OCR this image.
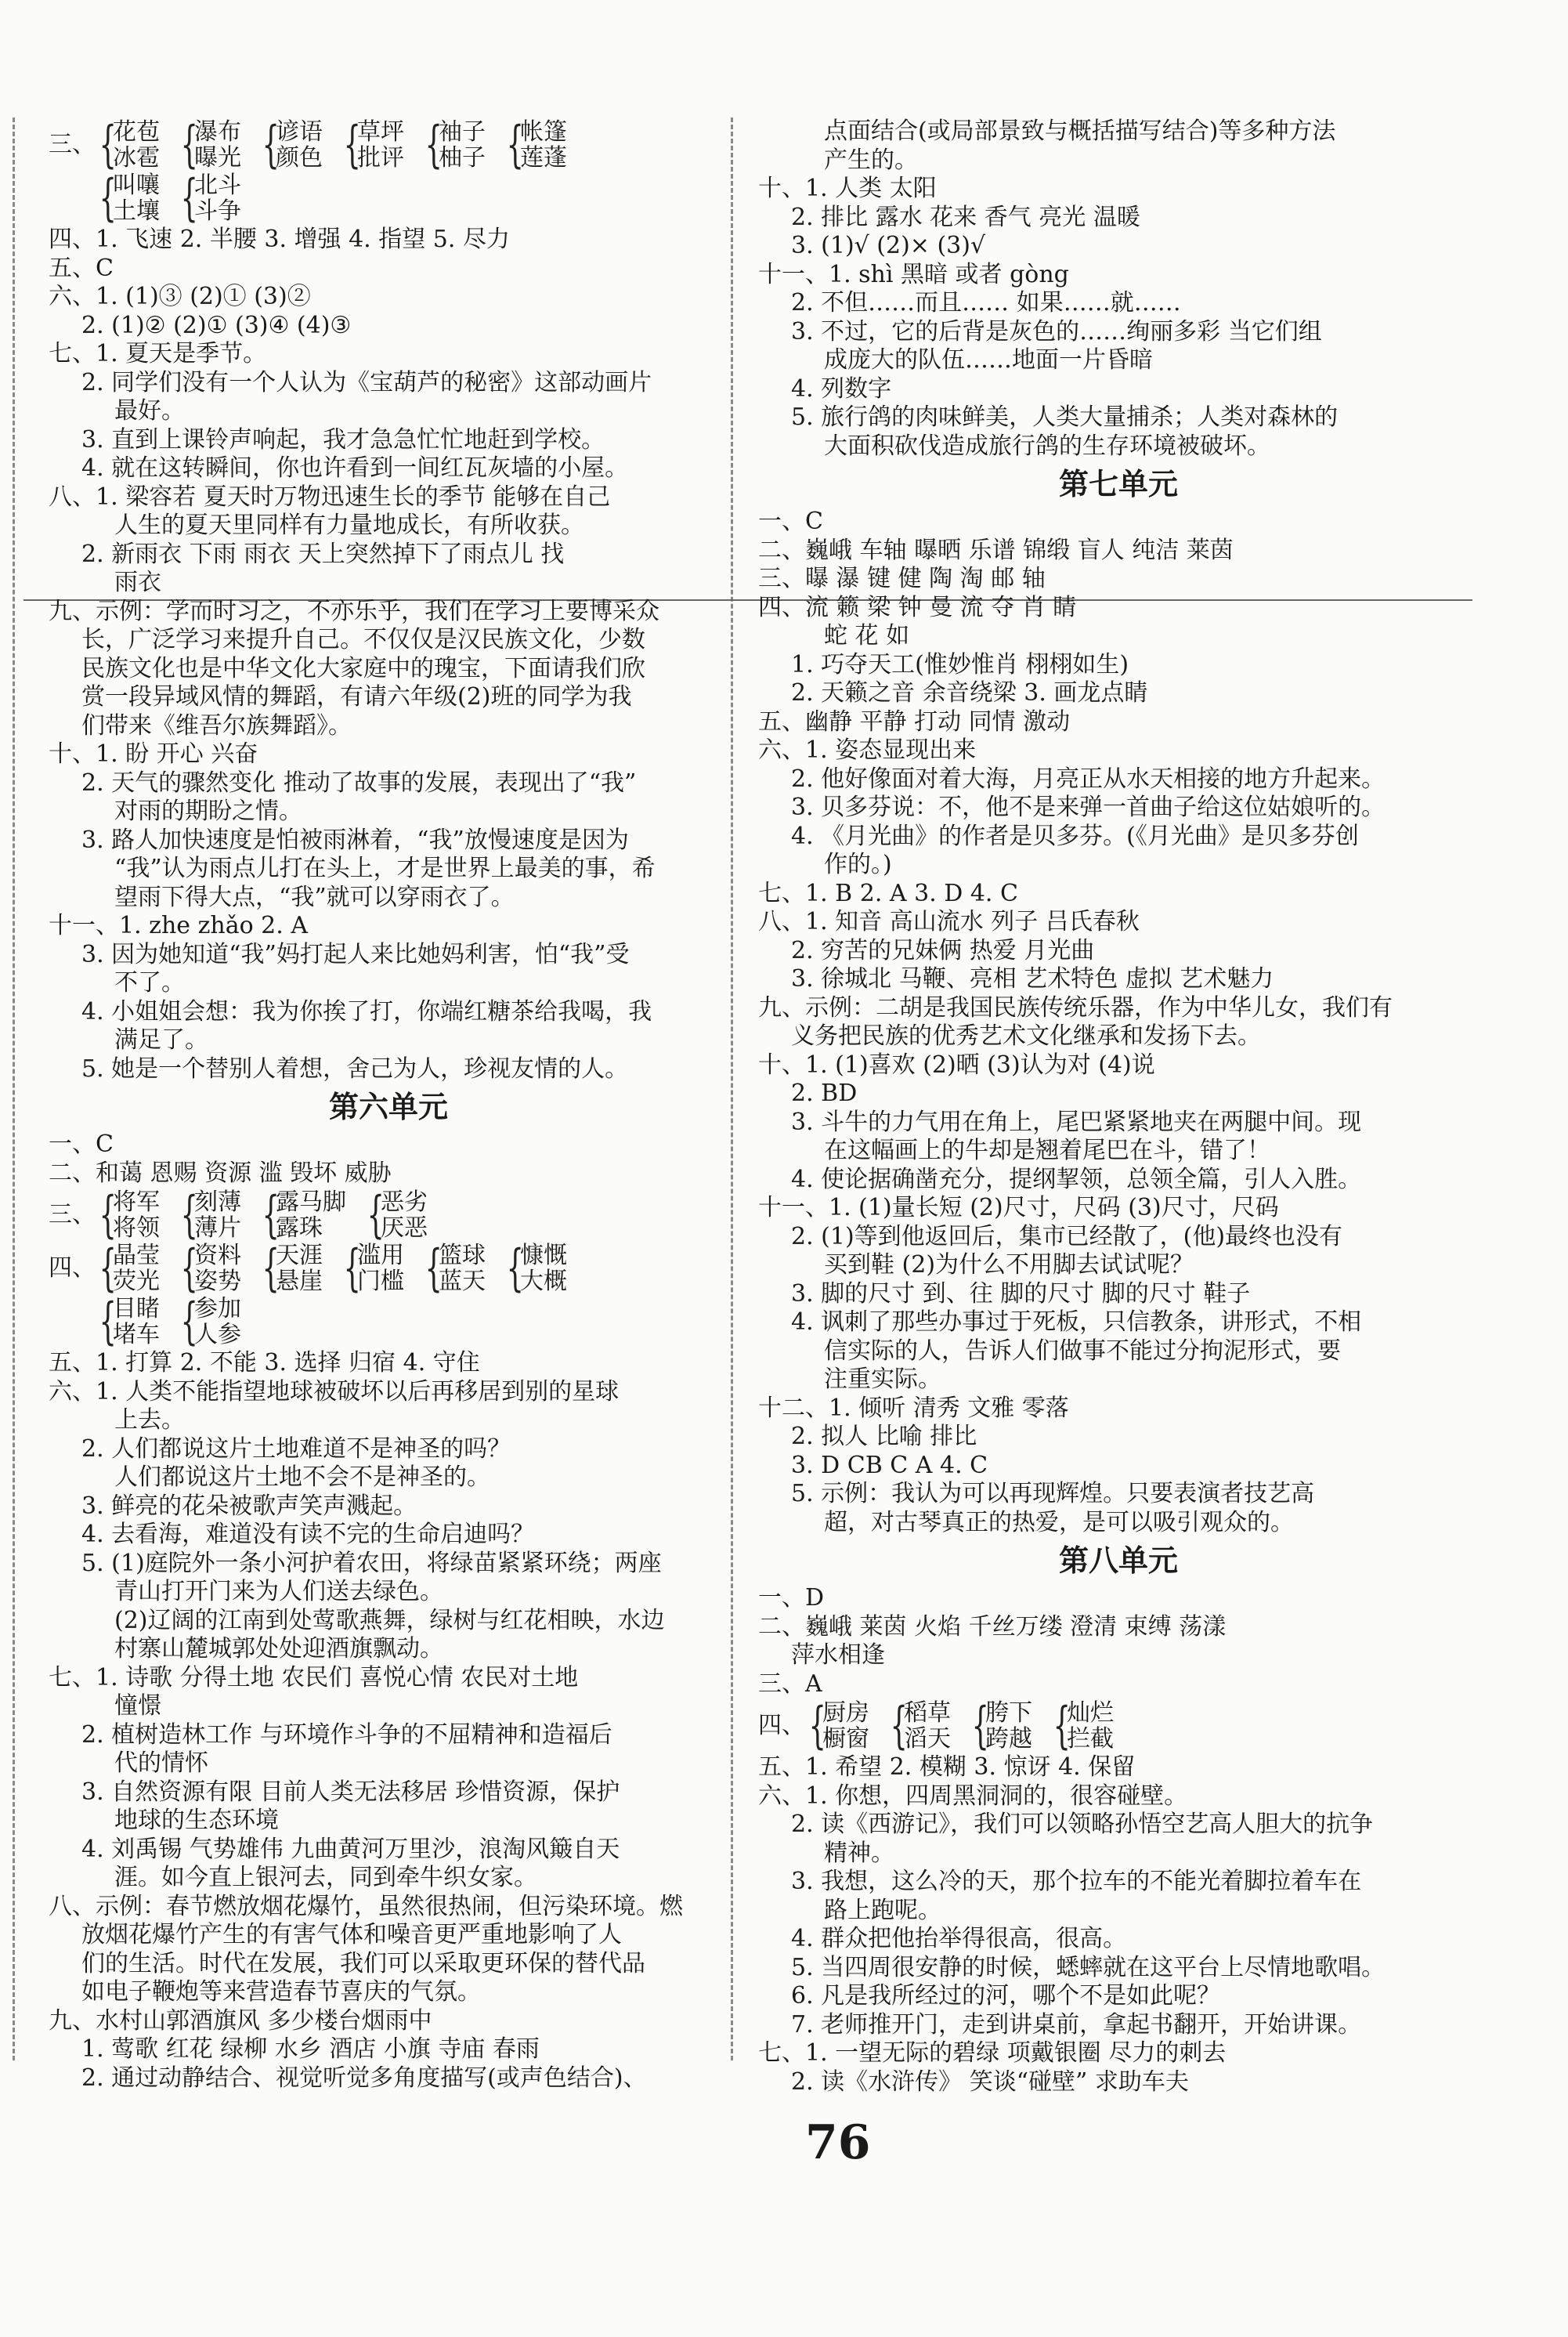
三、 {
花苞
冰雹 {
瀑布
曝光 {
谚语
颜色 {
草坪
批评 {
袖子
柚子 {
帐篷
莲蓬
{
叫嚷
土壤 {
北斗
斗争
四、1. 飞速 2. 半腰 3. 增强 4. 指望 5. 尽力
五、C
六、1. (1)③ (2)① (3)②
2. (1)② (2)① (3)④ (4)③
七、1. 夏天是季节。
2. 同学们没有一个人认为《宝葫芦的秘密》这部动画片
最好。
3. 直到上课铃声响起，我才急急忙忙地赶到学校。
4. 就在这转瞬间，你也许看到一间红瓦灰墙的小屋。
八、1. 梁容若 夏天时万物迅速生长的季节 能够在自己
人生的夏天里同样有力量地成长，有所收获。
2. 新雨衣 下雨 雨衣 天上突然掉下了雨点儿 找
雨衣
九、示例：学而时习之，不亦乐乎，我们在学习上要博采众
长，广泛学习来提升自己。不仅仅是汉民族文化，少数
民族文化也是中华文化大家庭中的瑰宝，下面请我们欣
赏一段异域风情的舞蹈，有请六年级(2)班的同学为我
们带来《维吾尔族舞蹈》。
十、1. 盼 开心 兴奋
2. 天气的骤然变化 推动了故事的发展，表现出了“我”
对雨的期盼之情。
3. 路人加快速度是怕被雨淋着，“我”放慢速度是因为
“我”认为雨点儿打在头上，才是世界上最美的事，希
望雨下得大点，“我”就可以穿雨衣了。
十一、1. zhe zhǎo 2. A
3. 因为她知道“我”妈打起人来比她妈利害，怕“我”受
不了。
4. 小姐姐会想：我为你挨了打，你端红糖茶给我喝，我
满足了。
5. 她是一个替别人着想，舍己为人，珍视友情的人。
第六单元
一、C
二、和蔼 恩赐 资源 滥 毁坏 威胁
三、 {
将军
将领 {
刻薄
薄片 {
露马脚
露珠 {
恶劣
厌恶
四、 {
晶莹
荧光 {
资料
姿势 {
天涯
悬崖 {
滥用
门槛 {
篮球
蓝天 {
慷慨
大概
{
目睹
堵车 {
参加
人参
五、1. 打算 2. 不能 3. 选择 归宿 4. 守住
六、1. 人类不能指望地球被破坏以后再移居到别的星球
上去。
2. 人们都说这片土地难道不是神圣的吗？
人们都说这片土地不会不是神圣的。
3. 鲜亮的花朵被歌声笑声溅起。
4. 去看海，难道没有读不完的生命启迪吗？
5. (1)庭院外一条小河护着农田，将绿苗紧紧环绕；两座
青山打开门来为人们送去绿色。
(2)辽阔的江南到处莺歌燕舞，绿树与红花相映，水边
村寨山麓城郭处处迎酒旗飘动。
七、1. 诗歌 分得土地 农民们 喜悦心情 农民对土地
憧憬
2. 植树造林工作 与环境作斗争的不屈精神和造福后
代的情怀
3. 自然资源有限 目前人类无法移居 珍惜资源，保护
地球的生态环境
4. 刘禹锡 气势雄伟 九曲黄河万里沙，浪淘风簸自天
涯。如今直上银河去，同到牵牛织女家。
八、示例：春节燃放烟花爆竹，虽然很热闹，但污染环境。燃
放烟花爆竹产生的有害气体和噪音更严重地影响了人
们的生活。时代在发展，我们可以采取更环保的替代品
如电子鞭炮等来营造春节喜庆的气氛。
九、水村山郭酒旗风 多少楼台烟雨中
1. 莺歌 红花 绿柳 水乡 酒店 小旗 寺庙 春雨
2. 通过动静结合、视觉听觉多角度描写(或声色结合)、
点面结合(或局部景致与概括描写结合)等多种方法
产生的。
十、1. 人类 太阳
2. 排比 露水 花来 香气 亮光 温暖
3. (1)√ (2)× (3)√
十一、1. shì 黑暗 或者 gòng
2. 不但……而且…… 如果……就……
3. 不过，它的后背是灰色的……绚丽多彩 当它们组
成庞大的队伍……地面一片昏暗
4. 列数字
5. 旅行鸽的肉味鲜美，人类大量捕杀；人类对森林的
大面积砍伐造成旅行鸽的生存环境被破坏。
第七单元
一、C
二、巍峨 车轴 曝晒 乐谱 锦缎 盲人 纯洁 莱茵
三、曝 瀑 键 健 陶 淘 邮 轴
四、流 籁 梁 钟 曼 流 夺 肖 睛
蛇 花 如
1. 巧夺天工(惟妙惟肖 栩栩如生)
2. 天籁之音 余音绕梁 3. 画龙点睛
五、幽静 平静 打动 同情 激动
六、1. 姿态显现出来
2. 他好像面对着大海，月亮正从水天相接的地方升起来。
3. 贝多芬说：不，他不是来弹一首曲子给这位姑娘听的。
4. 《月光曲》的作者是贝多芬。(《月光曲》是贝多芬创
作的。)
七、1. B 2. A 3. D 4. C
八、1. 知音 高山流水 列子 吕氏春秋
2. 穷苦的兄妹俩 热爱 月光曲
3. 徐城北 马鞭、亮相 艺术特色 虚拟 艺术魅力
九、示例：二胡是我国民族传统乐器，作为中华儿女，我们有
义务把民族的优秀艺术文化继承和发扬下去。
十、1. (1)喜欢 (2)晒 (3)认为对 (4)说
2. BD
3. 斗牛的力气用在角上，尾巴紧紧地夹在两腿中间。现
在这幅画上的牛却是翘着尾巴在斗，错了！
4. 使论据确凿充分，提纲挈领，总领全篇，引人入胜。
十一、1. (1)量长短 (2)尺寸，尺码 (3)尺寸，尺码
2. (1)等到他返回后，集市已经散了，(他)最终也没有
买到鞋 (2)为什么不用脚去试试呢？
3. 脚的尺寸 到、往 脚的尺寸 脚的尺寸 鞋子
4. 讽刺了那些办事过于死板，只信教条，讲形式，不相
信实际的人，告诉人们做事不能过分拘泥形式，要
注重实际。
十二、1. 倾听 清秀 文雅 零落
2. 拟人 比喻 排比
3. D CB C A 4. C
5. 示例：我认为可以再现辉煌。只要表演者技艺高
超，对古琴真正的热爱，是可以吸引观众的。
第八单元
一、D
二、巍峨 莱茵 火焰 千丝万缕 澄清 束缚 荡漾
萍水相逢
三、A
四、 {
厨房
橱窗 {
稻草
滔天 {
胯下
跨越 {
灿烂
拦截
五、1. 希望 2. 模糊 3. 惊讶 4. 保留
六、1. 你想，四周黑洞洞的，很容碰壁。
2. 读《西游记》，我们可以领略孙悟空艺高人胆大的抗争
精神。
3. 我想，这么冷的天，那个拉车的不能光着脚拉着车在
路上跑呢。
4. 群众把他抬举得很高，很高。
5. 当四周很安静的时候，蟋蟀就在这平台上尽情地歌唱。
6. 凡是我所经过的河，哪个不是如此呢？
7. 老师推开门，走到讲桌前，拿起书翻开，开始讲课。
七、1. 一望无际的碧绿 项戴银圈 尽力的刺去
2. 读《水浒传》 笑谈“碰壁” 求助车夫
76
